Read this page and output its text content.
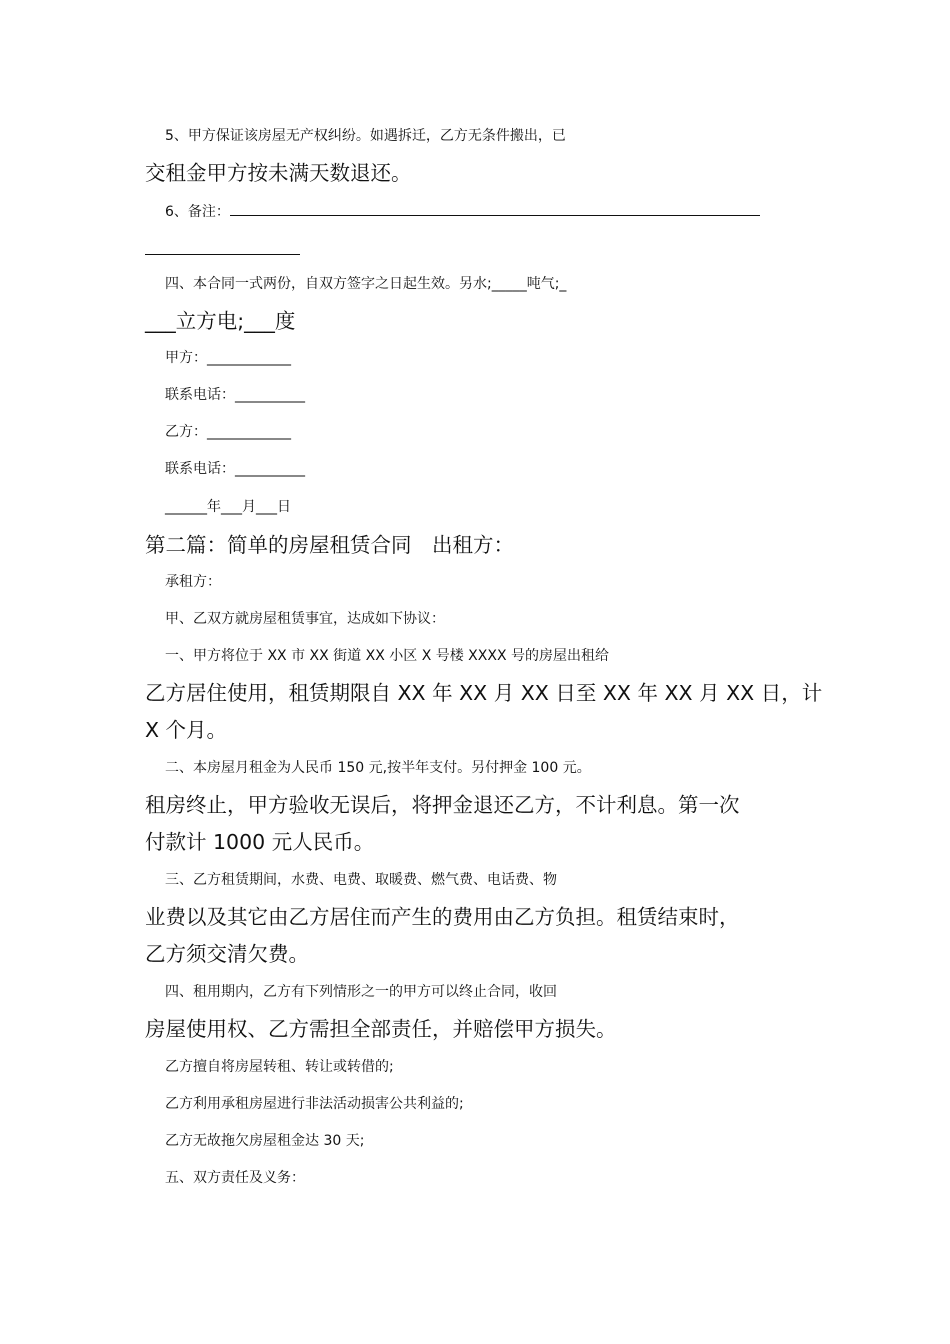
5、甲方保证该房屋无产权纠纷。如遇拆迁，乙方无条件搬出，已
交租金甲方按未满天数退还。
6、备注：
四、本合同一式两份，自双方签字之日起生效。另水;_____吨气;_
___立方电;___度
甲方：____________
联系电话：__________
乙方：____________
联系电话：__________
______年___月___日
第二篇：简单的房屋租赁合同　出租方：
承租方：
甲、乙双方就房屋租赁事宜，达成如下协议：
一、甲方将位于 XX 市 XX 街道 XX 小区 X 号楼 XXXX 号的房屋出租给
乙方居住使用，租赁期限自 XX 年 XX 月 XX 日至 XX 年 XX 月 XX 日，计
X 个月。
二、本房屋月租金为人民币 150 元,按半年支付。另付押金 100 元。
租房终止，甲方验收无误后，将押金退还乙方，不计利息。第一次
付款计 1000 元人民币。
三、乙方租赁期间，水费、电费、取暖费、燃气费、电话费、物
业费以及其它由乙方居住而产生的费用由乙方负担。租赁结束时，
乙方须交清欠费。
四、租用期内，乙方有下列情形之一的甲方可以终止合同，收回
房屋使用权、乙方需担全部责任，并赔偿甲方损失。
乙方擅自将房屋转租、转让或转借的;
乙方利用承租房屋进行非法活动损害公共利益的;
乙方无故拖欠房屋租金达 30 天;
五、双方责任及义务：
